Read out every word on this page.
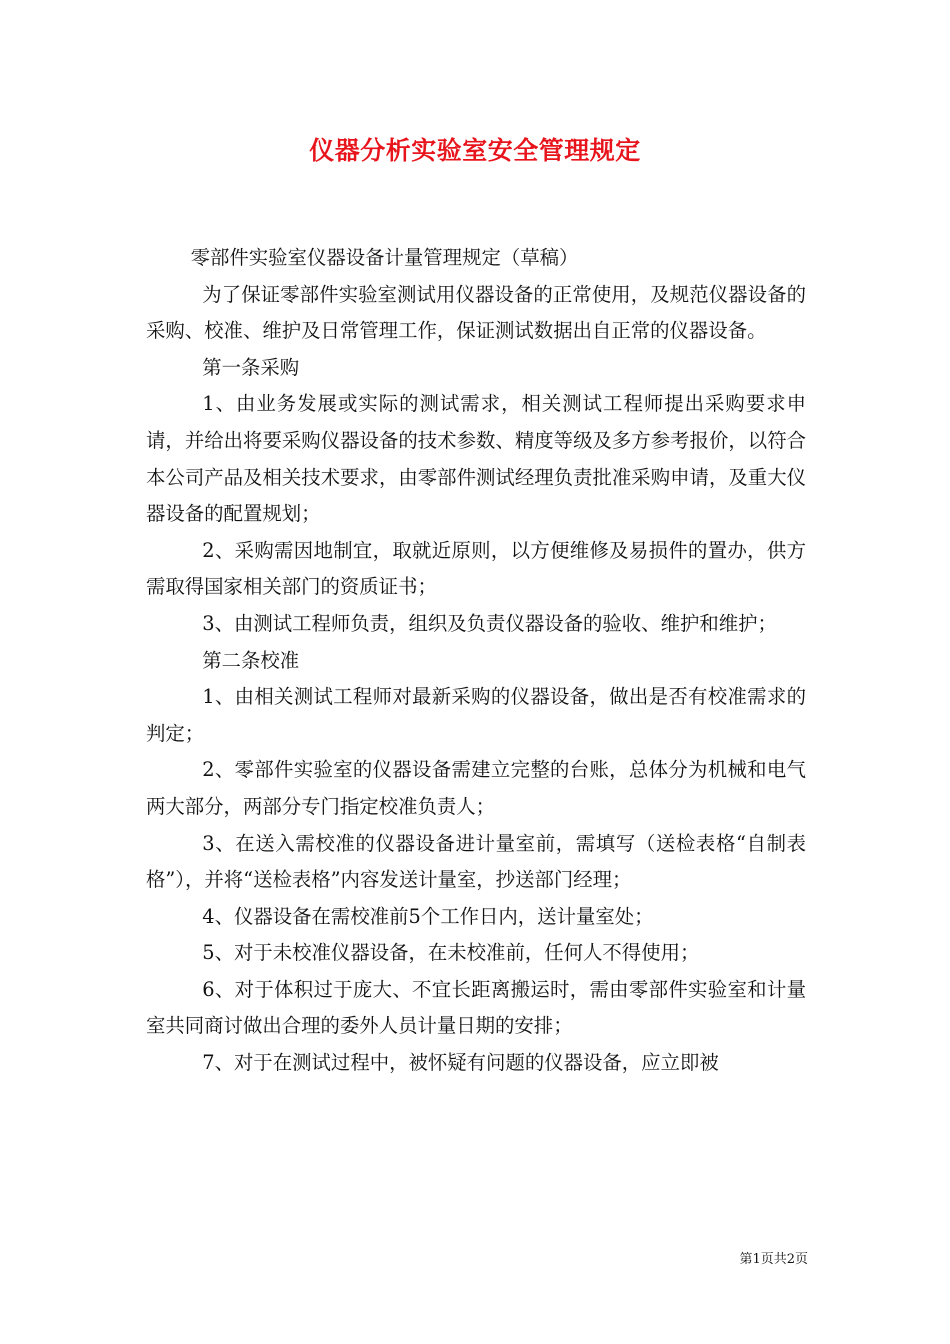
仪器分析实验室安全管理规定

零部件实验室仪器设备计量管理规定（草稿）

为了保证零部件实验室测试用仪器设备的正常使用，及规范仪器设备的采购、校准、维护及日常管理工作，保证测试数据出自正常的仪器设备。

第一条采购

1、由业务发展或实际的测试需求，相关测试工程师提出采购要求申请，并给出将要采购仪器设备的技术参数、精度等级及多方参考报价，以符合本公司产品及相关技术要求，由零部件测试经理负责批准采购申请，及重大仪器设备的配置规划；

2、采购需因地制宜，取就近原则，以方便维修及易损件的置办，供方需取得国家相关部门的资质证书；

3、由测试工程师负责，组织及负责仪器设备的验收、维护和维护；

第二条校准

1、由相关测试工程师对最新采购的仪器设备，做出是否有校准需求的判定；

2、零部件实验室的仪器设备需建立完整的台账，总体分为机械和电气两大部分，两部分专门指定校准负责人；

3、在送入需校准的仪器设备进计量室前，需填写（送检表格“自制表格”），并将“送检表格”内容发送计量室，抄送部门经理；

4、仪器设备在需校准前5个工作日内，送计量室处；

5、对于未校准仪器设备，在未校准前，任何人不得使用；

6、对于体积过于庞大、不宜长距离搬运时，需由零部件实验室和计量室共同商讨做出合理的委外人员计量日期的安排；

7、对于在测试过程中，被怀疑有问题的仪器设备，应立即被

第1页共2页
